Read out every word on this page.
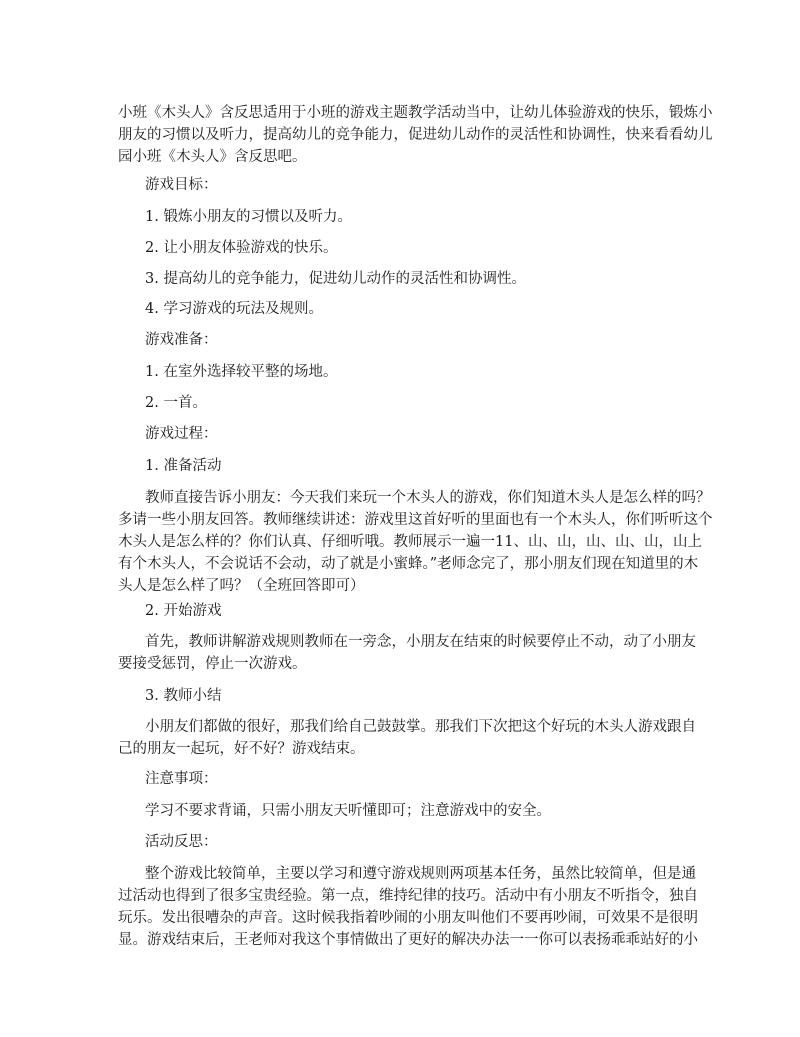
小班《木头人》含反思适用于小班的游戏主题教学活动当中，让幼儿体验游戏的快乐，锻炼小
朋友的习惯以及听力，提高幼儿的竞争能力，促进幼儿动作的灵活性和协调性，快来看看幼儿
园小班《木头人》含反思吧。
游戏目标：
1. 锻炼小朋友的习惯以及听力。
2. 让小朋友体验游戏的快乐。
3. 提高幼儿的竞争能力，促进幼儿动作的灵活性和协调性。
4. 学习游戏的玩法及规则。
游戏准备：
1. 在室外选择较平整的场地。
2. 一首。
游戏过程：
1. 准备活动
教师直接告诉小朋友：今天我们来玩一个木头人的游戏，你们知道木头人是怎么样的吗？
多请一些小朋友回答。教师继续讲述：游戏里这首好听的里面也有一个木头人，你们听听这个
木头人是怎么样的？你们认真、仔细听哦。教师展示一遍一11、山、山，山、山、山，山上
有个木头人，不会说话不会动，动了就是小蜜蜂。”老师念完了，那小朋友们现在知道里的木
头人是怎么样了吗？（全班回答即可）
2. 开始游戏
首先，教师讲解游戏规则教师在一旁念，小朋友在结束的时候要停止不动，动了小朋友
要接受惩罚，停止一次游戏。
3. 教师小结
小朋友们都做的很好，那我们给自己鼓鼓掌。那我们下次把这个好玩的木头人游戏跟自
己的朋友一起玩，好不好？游戏结束。
注意事项：
学习不要求背诵，只需小朋友天听懂即可；注意游戏中的安全。
活动反思：
整个游戏比较简单，主要以学习和遵守游戏规则两项基本任务，虽然比较简单，但是通
过活动也得到了很多宝贵经验。第一点，维持纪律的技巧。活动中有小朋友不听指令，独自
玩乐。发出很嘈杂的声音。这时候我指着吵闹的小朋友叫他们不要再吵闹，可效果不是很明
显。游戏结束后，王老师对我这个事情做出了更好的解决办法一一你可以表扬乖乖站好的小
